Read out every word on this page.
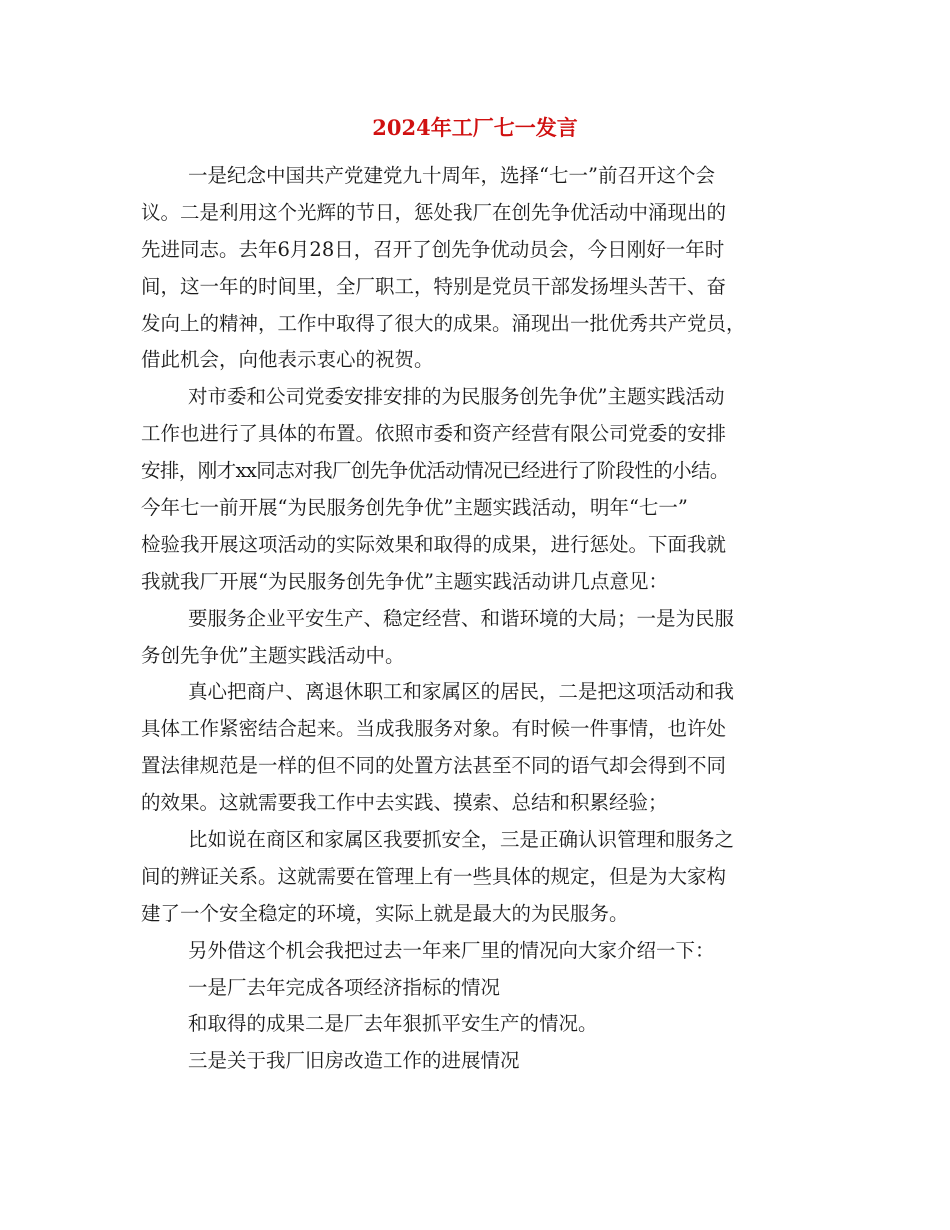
2024年工厂七一发言

一是纪念中国共产党建党九十周年，选择“七一”前召开这个会

议。二是利用这个光辉的节日，惩处我厂在创先争优活动中涌现出的

先进同志。去年6月28日，召开了创先争优动员会，今日刚好一年时

间，这一年的时间里，全厂职工，特别是党员干部发扬埋头苦干、奋

发向上的精神，工作中取得了很大的成果。涌现出一批优秀共产党员，

借此机会，向他表示衷心的祝贺。

对市委和公司党委安排安排的为民服务创先争优”主题实践活动

工作也进行了具体的布置。依照市委和资产经营有限公司党委的安排

安排，刚才xx同志对我厂创先争优活动情况已经进行了阶段性的小结。

今年七一前开展“为民服务创先争优”主题实践活动，明年“七一”

检验我开展这项活动的实际效果和取得的成果，进行惩处。下面我就

我就我厂开展“为民服务创先争优”主题实践活动讲几点意见：

要服务企业平安生产、稳定经营、和谐环境的大局；一是为民服

务创先争优”主题实践活动中。

真心把商户、离退休职工和家属区的居民，二是把这项活动和我

具体工作紧密结合起来。当成我服务对象。有时候一件事情，也许处

置法律规范是一样的但不同的处置方法甚至不同的语气却会得到不同

的效果。这就需要我工作中去实践、摸索、总结和积累经验；

比如说在商区和家属区我要抓安全，三是正确认识管理和服务之

间的辨证关系。这就需要在管理上有一些具体的规定，但是为大家构

建了一个安全稳定的环境，实际上就是最大的为民服务。

另外借这个机会我把过去一年来厂里的情况向大家介绍一下：

一是厂去年完成各项经济指标的情况

和取得的成果二是厂去年狠抓平安生产的情况。

三是关于我厂旧房改造工作的进展情况
